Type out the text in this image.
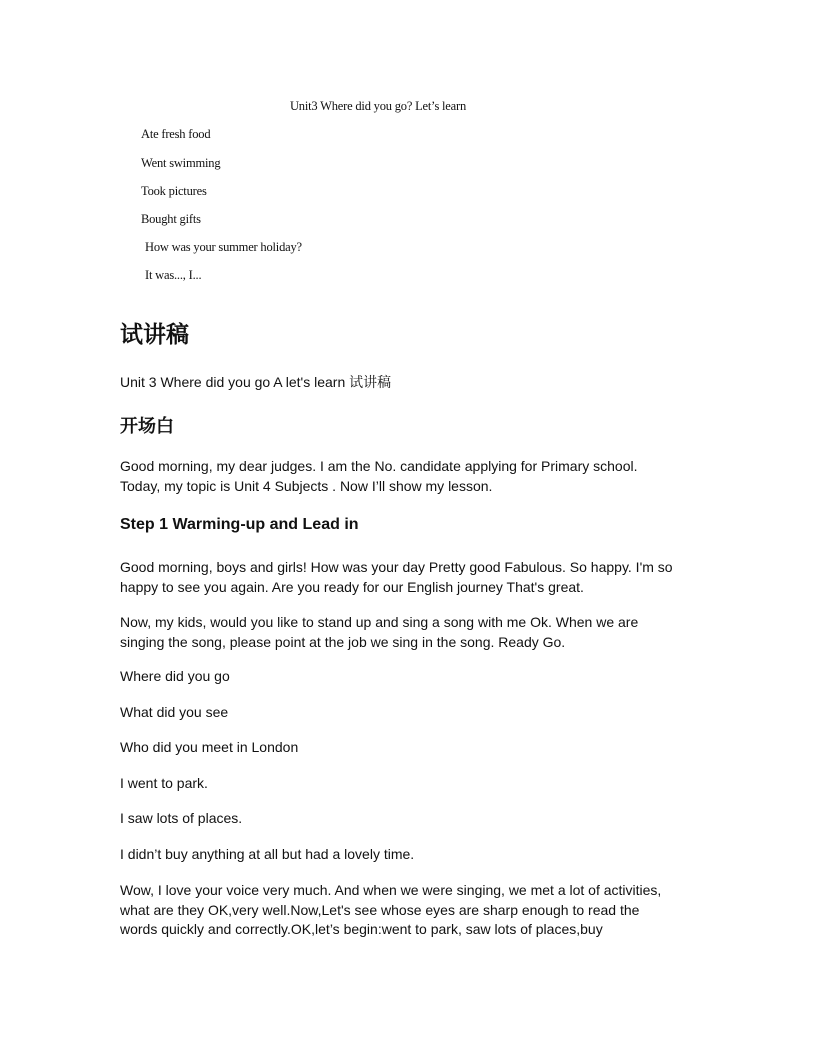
Unit3 Where did you go? Let’s learn
Ate fresh food
Went swimming
Took pictures
Bought gifts
How was your summer holiday?
It was..., I...
试讲稿
Unit 3 Where did you go A let's learn 试讲稿
开场白
Good morning, my dear judges. I am the No. candidate applying for Primary school.
Today, my topic is Unit 4 Subjects . Now I’ll show my lesson.
Step 1 Warming-up and Lead in
Good morning, boys and girls! How was your day Pretty good Fabulous. So happy. I'm so
happy to see you again. Are you ready for our English journey That's great.
Now, my kids, would you like to stand up and sing a song with me Ok. When we are
singing the song, please point at the job we sing in the song. Ready Go.
Where did you go
What did you see
Who did you meet in London
I went to park.
I saw lots of places.
I didn’t buy anything at all but had a lovely time.
Wow, I love your voice very much. And when we were singing, we met a lot of activities,
what are they OK,very well.Now,Let's see whose eyes are sharp enough to read the
words quickly and correctly.OK,let’s begin:went to park, saw lots of places,buy
